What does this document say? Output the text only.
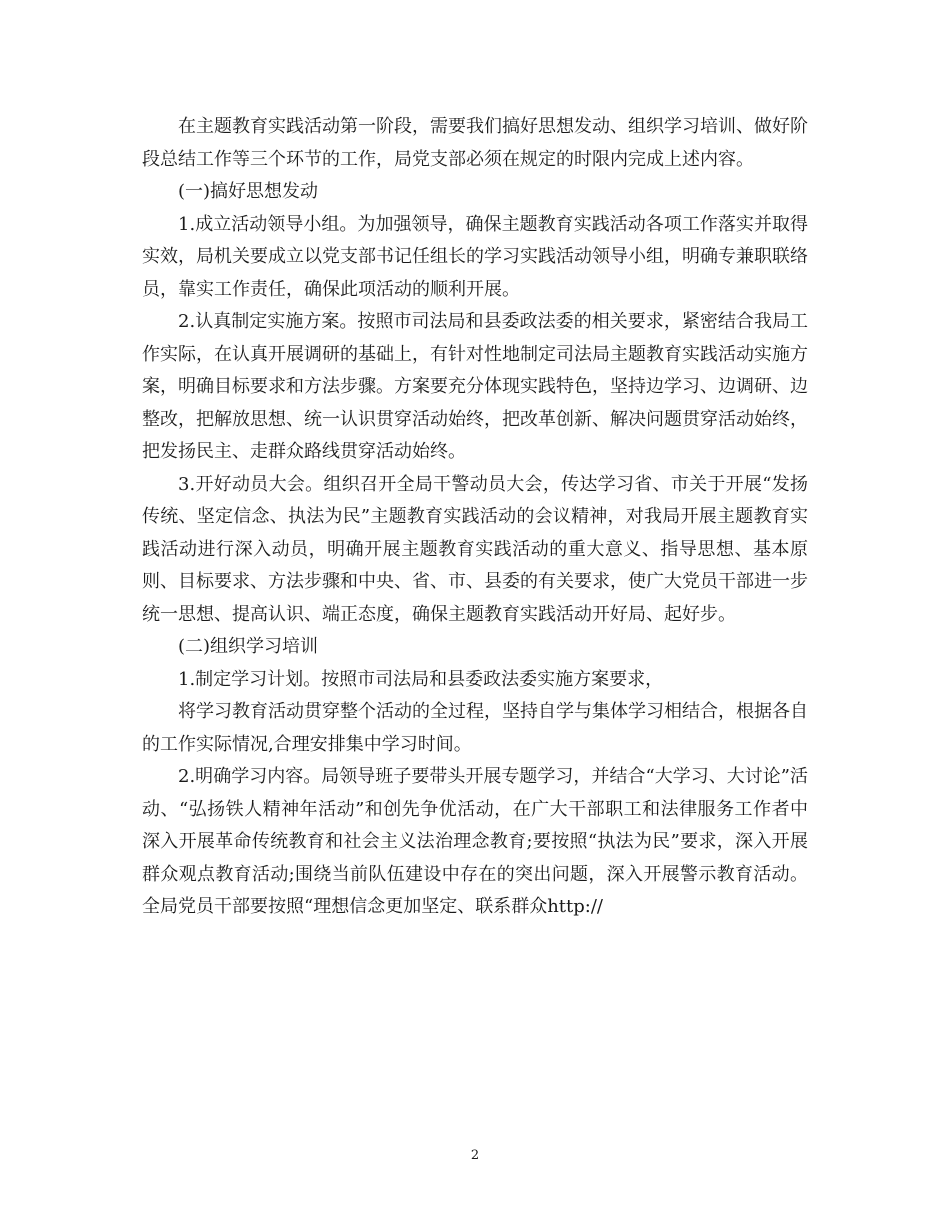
在主题教育实践活动第一阶段，需要我们搞好思想发动、组织学习培训、做好阶段总结工作等三个环节的工作，局党支部必须在规定的时限内完成上述内容。

(一)搞好思想发动

1.成立活动领导小组。为加强领导，确保主题教育实践活动各项工作落实并取得实效，局机关要成立以党支部书记任组长的学习实践活动领导小组，明确专兼职联络员，靠实工作责任，确保此项活动的顺利开展。

2.认真制定实施方案。按照市司法局和县委政法委的相关要求，紧密结合我局工作实际，在认真开展调研的基础上，有针对性地制定司法局主题教育实践活动实施方案，明确目标要求和方法步骤。方案要充分体现实践特色，坚持边学习、边调研、边整改，把解放思想、统一认识贯穿活动始终，把改革创新、解决问题贯穿活动始终，把发扬民主、走群众路线贯穿活动始终。

3.开好动员大会。组织召开全局干警动员大会，传达学习省、市关于开展“发扬传统、坚定信念、执法为民”主题教育实践活动的会议精神，对我局开展主题教育实践活动进行深入动员，明确开展主题教育实践活动的重大意义、指导思想、基本原则、目标要求、方法步骤和中央、省、市、县委的有关要求，使广大党员干部进一步统一思想、提高认识、端正态度，确保主题教育实践活动开好局、起好步。

(二)组织学习培训

1.制定学习计划。按照市司法局和县委政法委实施方案要求，

将学习教育活动贯穿整个活动的全过程，坚持自学与集体学习相结合，根据各自的工作实际情况,合理安排集中学习时间。

2.明确学习内容。局领导班子要带头开展专题学习，并结合“大学习、大讨论”活动、“弘扬铁人精神年活动”和创先争优活动，在广大干部职工和法律服务工作者中深入开展革命传统教育和社会主义法治理念教育;要按照“执法为民”要求，深入开展群众观点教育活动;围绕当前队伍建设中存在的突出问题，深入开展警示教育活动。全局党员干部要按照“理想信念更加坚定、联系群众http://

2
